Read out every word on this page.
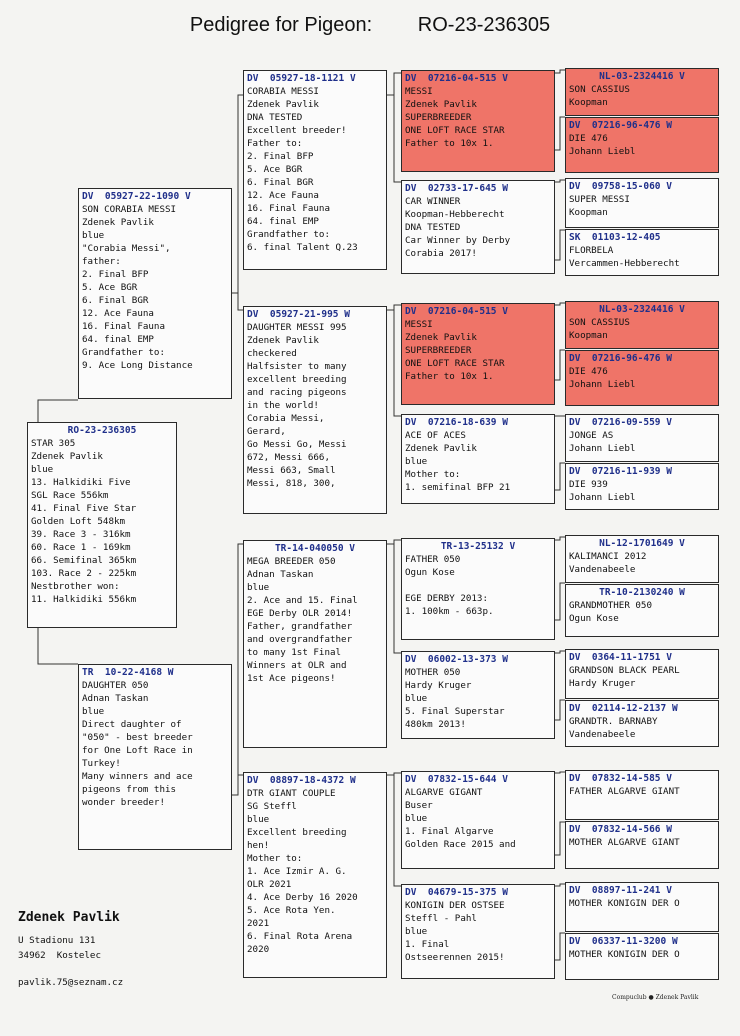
Pedigree for Pigeon: RO-23-236305
RO-23-236305
STAR 305
Zdenek Pavlik
blue
13. Halkidiki Five
SGL Race 556km
41. Final Five Star
Golden Loft 548km
39. Race 3 - 316km
60. Race 1 - 169km
66. Semifinal 365km
103. Race 2 - 225km
Nestbrother won:
11. Halkidiki 556km
DV  05927-22-1090 V
SON CORABIA MESSI
Zdenek Pavlik
blue
"Corabia Messi",
father:
2. Final BFP
5. Ace BGR
6. Final BGR
12. Ace Fauna
16. Final Fauna
64. final EMP
Grandfather to:
9. Ace Long Distance
TR  10-22-4168 W
DAUGHTER 050
Adnan Taskan
blue
Direct daughter of
"050" - best breeder
for One Loft Race in
Turkey!
Many winners and ace
pigeons from this
wonder breeder!
DV  05927-18-1121 V
CORABIA MESSI
Zdenek Pavlik
DNA TESTED
Excellent breeder!
Father to:
2. Final BFP
5. Ace BGR
6. Final BGR
12. Ace Fauna
16. Final Fauna
64. final EMP
Grandfather to:
6. final Talent Q.23
DV  05927-21-995 W
DAUGHTER MESSI 995
Zdenek Pavlik
checkered
Halfsister to many
excellent breeding
and racing pigeons
in the world!
Corabia Messi,
Gerard,
Go Messi Go, Messi
672, Messi 666,
Messi 663, Small
Messi, 818, 300,
TR-14-040050 V
MEGA BREEDER 050
Adnan Taskan
blue
2. Ace and 15. Final
EGE Derby OLR 2014!
Father, grandfather
and overgrandfather
to many 1st Final
Winners at OLR and
1st Ace pigeons!
DV  08897-18-4372 W
DTR GIANT COUPLE
SG Steffl
blue
Excellent breeding
hen!
Mother to:
1. Ace Izmir A. G.
OLR 2021
4. Ace Derby 16 2020
5. Ace Rota Yen.
2021
6. Final Rota Arena
2020
DV  07216-04-515 V
MESSI
Zdenek Pavlik
SUPERBREEDER
ONE LOFT RACE STAR
Father to 10x 1.
DV  02733-17-645 W
CAR WINNER
Koopman-Hebberecht
DNA TESTED
Car Winner by Derby
Corabia 2017!
DV  07216-04-515 V
MESSI
Zdenek Pavlik
SUPERBREEDER
ONE LOFT RACE STAR
Father to 10x 1.
DV  07216-18-639 W
ACE OF ACES
Zdenek Pavlik
blue
Mother to:
1. semifinal BFP 21
TR-13-25132 V
FATHER 050
Ogun Kose

EGE DERBY 2013:
1. 100km - 663p.
DV  06002-13-373 W
MOTHER 050
Hardy Kruger
blue
5. Final Superstar
480km 2013!
DV  07832-15-644 V
ALGARVE GIGANT
Buser
blue
1. Final Algarve
Golden Race 2015 and
DV  04679-15-375 W
KONIGIN DER OSTSEE
Steffl - Pahl
blue
1. Final
Ostseerennen 2015!
NL-03-2324416 V
SON CASSIUS
Koopman
DV  07216-96-476 W
DIE 476
Johann Liebl
DV  09758-15-060 V
SUPER MESSI
Koopman
SK  01103-12-405
FLORBELA
Vercammen-Hebberecht
NL-03-2324416 V
SON CASSIUS
Koopman
DV  07216-96-476 W
DIE 476
Johann Liebl
DV  07216-09-559 V
JONGE AS
Johann Liebl
DV  07216-11-939 W
DIE 939
Johann Liebl
NL-12-1701649 V
KALIMANCI 2012
Vandenabeele
TR-10-2130240 W
GRANDMOTHER 050
Ogun Kose
DV  0364-11-1751 V
GRANDSON BLACK PEARL
Hardy Kruger
DV  02114-12-2137 W
GRANDTR. BARNABY
Vandenabeele
DV  07832-14-585 V
FATHER ALGARVE GIANT
DV  07832-14-566 W
MOTHER ALGARVE GIANT
DV  08897-11-241 V
MOTHER KONIGIN DER O
DV  06337-11-3200 W
MOTHER KONIGIN DER O
Zdenek Pavlik
U Stadionu 131
34962  Kostelec
pavlik.75@seznam.cz
Compuclub ● Zdenek Pavlik
